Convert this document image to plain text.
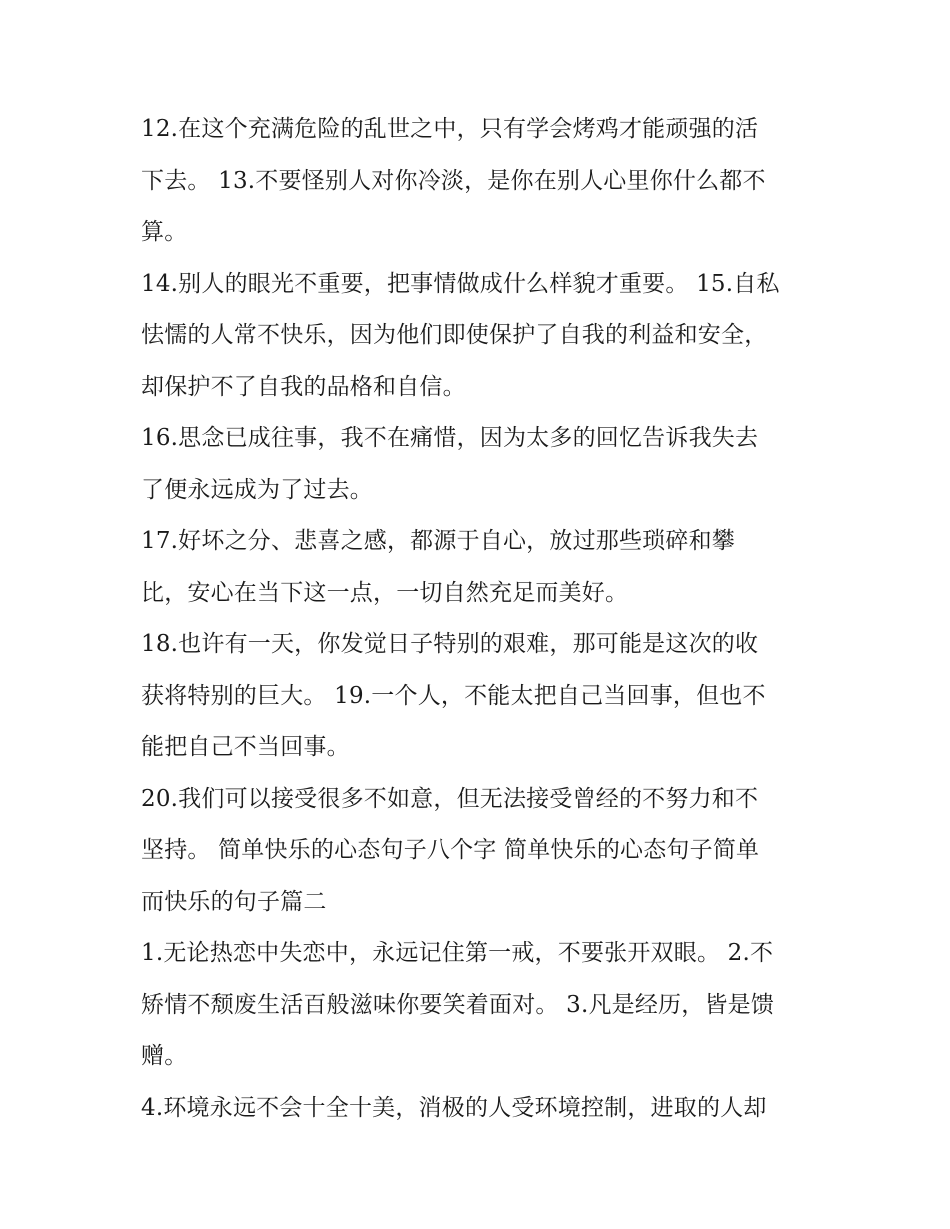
12.在这个充满危险的乱世之中，只有学会烤鸡才能顽强的活
下去。 13.不要怪别人对你冷淡，是你在别人心里你什么都不
算。
14.别人的眼光不重要，把事情做成什么样貌才重要。 15.自私
怯懦的人常不快乐，因为他们即使保护了自我的利益和安全，
却保护不了自我的品格和自信。
16.思念已成往事，我不在痛惜，因为太多的回忆告诉我失去
了便永远成为了过去。
17.好坏之分、悲喜之感，都源于自心，放过那些琐碎和攀
比，安心在当下这一点，一切自然充足而美好。
18.也许有一天，你发觉日子特别的艰难，那可能是这次的收
获将特别的巨大。 19.一个人，不能太把自己当回事，但也不
能把自己不当回事。
20.我们可以接受很多不如意，但无法接受曾经的不努力和不
坚持。 简单快乐的心态句子八个字 简单快乐的心态句子简单
而快乐的句子篇二
1.无论热恋中失恋中，永远记住第一戒，不要张开双眼。 2.不
矫情不颓废生活百般滋味你要笑着面对。 3.凡是经历，皆是馈
赠。
4.环境永远不会十全十美，消极的人受环境控制，进取的人却
